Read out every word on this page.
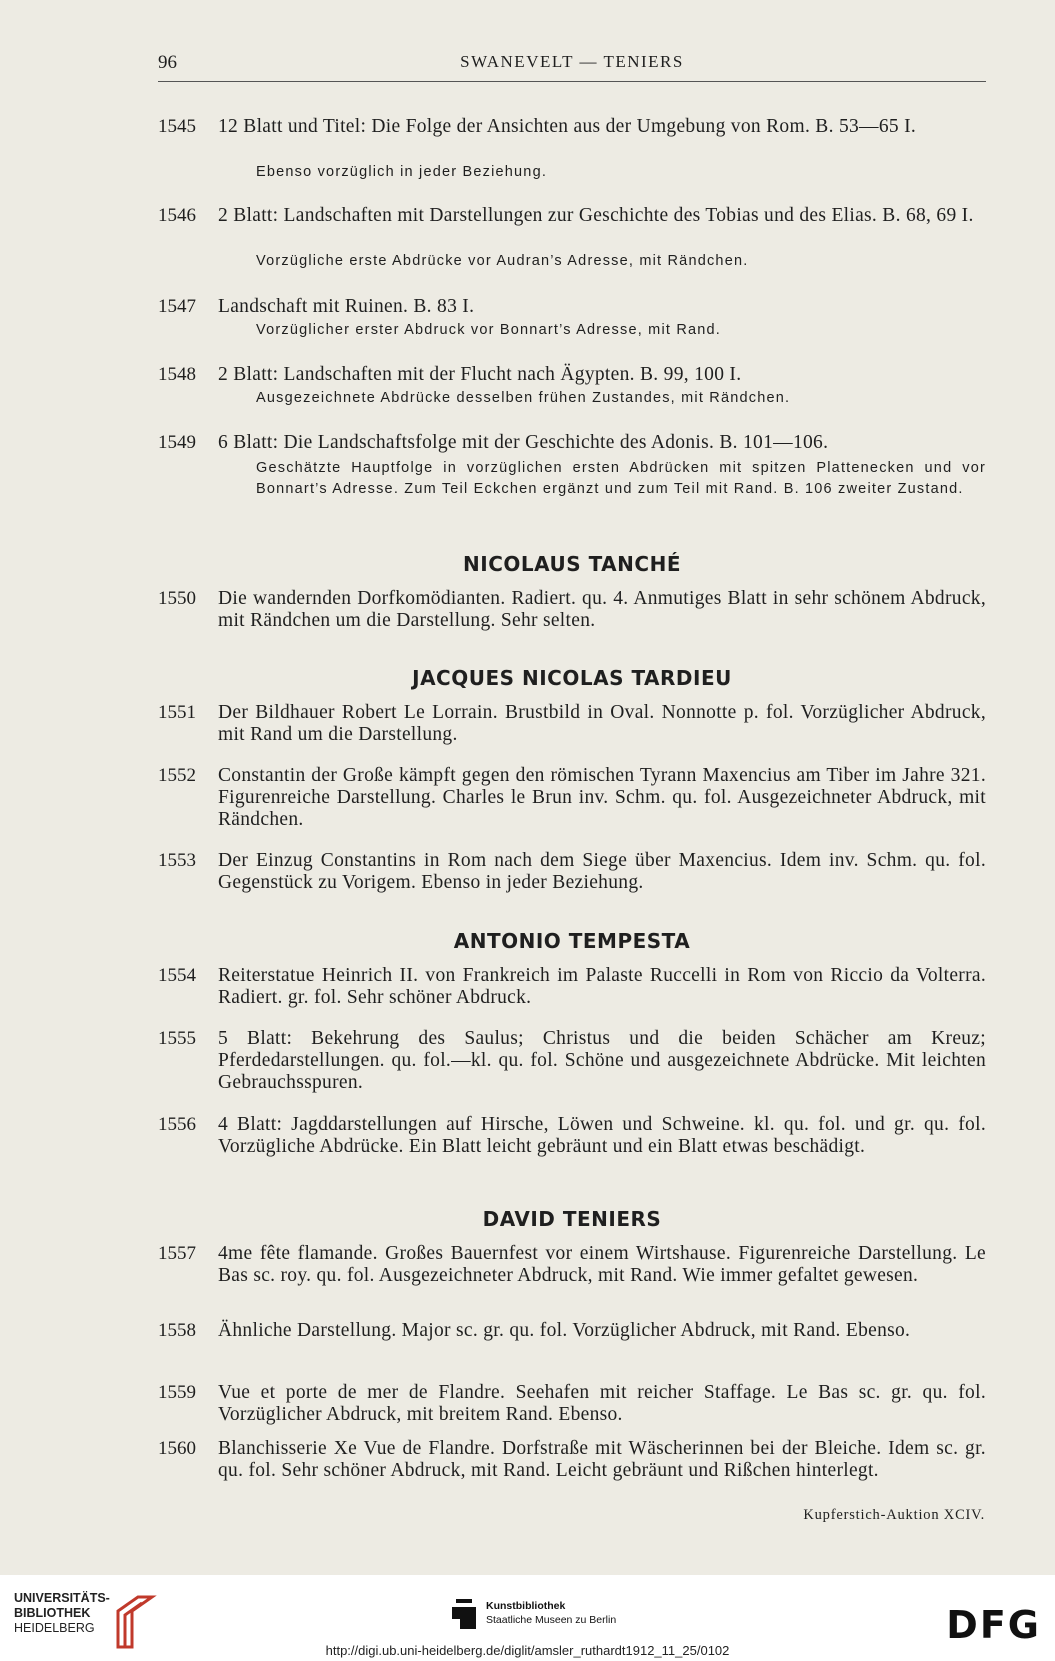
96	SWANEVELT — TENIERS
1545 12 Blatt und Titel: Die Folge der Ansichten aus der Umgebung von Rom. B. 53—65 I.
Ebenso vorzüglich in jeder Beziehung.
1546 2 Blatt: Landschaften mit Darstellungen zur Geschichte des Tobias und des Elias. B. 68, 69 I.
Vorzügliche erste Abdrücke vor Audran’s Adresse, mit Rändchen.
1547 Landschaft mit Ruinen. B. 83 I.
Vorzüglicher erster Abdruck vor Bonnart’s Adresse, mit Rand.
1548 2 Blatt: Landschaften mit der Flucht nach Ägypten. B. 99, 100 I.
Ausgezeichnete Abdrücke desselben frühen Zustandes, mit Rändchen.
1549 6 Blatt: Die Landschaftsfolge mit der Geschichte des Adonis. B. 101—106.
Geschätzte Hauptfolge in vorzüglichen ersten Abdrücken mit spitzen Plattenecken und vor Bonnart’s Adresse. Zum Teil Eckchen ergänzt und zum Teil mit Rand. B. 106 zweiter Zustand.
NICOLAUS TANCHÉ
1550 Die wandernden Dorfkomödianten. Radiert. qu. 4. Anmutiges Blatt in sehr schönem Abdruck, mit Rändchen um die Darstellung. Sehr selten.
JACQUES NICOLAS TARDIEU
1551 Der Bildhauer Robert Le Lorrain. Brustbild in Oval. Nonnotte p. fol. Vorzüglicher Abdruck, mit Rand um die Darstellung.
1552 Constantin der Große kämpft gegen den römischen Tyrann Maxencius am Tiber im Jahre 321. Figurenreiche Darstellung. Charles le Brun inv. Schm. qu. fol. Ausgezeichneter Abdruck, mit Rändchen.
1553 Der Einzug Constantins in Rom nach dem Siege über Maxencius. Idem inv. Schm. qu. fol. Gegenstück zu Vorigem. Ebenso in jeder Beziehung.
ANTONIO TEMPESTA
1554 Reiterstatue Heinrich II. von Frankreich im Palaste Ruccelli in Rom von Riccio da Volterra. Radiert. gr. fol. Sehr schöner Abdruck.
1555 5 Blatt: Bekehrung des Saulus; Christus und die beiden Schächer am Kreuz; Pferdedarstellungen. qu. fol.—kl. qu. fol. Schöne und ausgezeichnete Abdrücke. Mit leichten Gebrauchsspuren.
1556 4 Blatt: Jagddarstellungen auf Hirsche, Löwen und Schweine. kl. qu. fol. und gr. qu. fol. Vorzügliche Abdrücke. Ein Blatt leicht gebräunt und ein Blatt etwas beschädigt.
DAVID TENIERS
1557 4me fête flamande. Großes Bauernfest vor einem Wirtshause. Figurenreiche Darstellung. Le Bas sc. roy. qu. fol. Ausgezeichneter Abdruck, mit Rand. Wie immer gefaltet gewesen.
1558 Ähnliche Darstellung. Major sc. gr. qu. fol. Vorzüglicher Abdruck, mit Rand. Ebenso.
1559 Vue et porte de mer de Flandre. Seehafen mit reicher Staffage. Le Bas sc. gr. qu. fol. Vorzüglicher Abdruck, mit breitem Rand. Ebenso.
1560 Blanchisserie Xe Vue de Flandre. Dorfstraße mit Wäscherinnen bei der Bleiche. Idem sc. gr. qu. fol. Sehr schöner Abdruck, mit Rand. Leicht gebräunt und Rißchen hinterlegt.
Kupferstich-Auktion XCIV.
UNIVERSITÄTS-
BIBLIOTHEK
HEIDELBERG
Kunstbibliothek
Staatliche Museen zu Berlin	DFG
http://digi.ub.uni-heidelberg.de/diglit/amsler_ruthardt1912_11_25/0102
